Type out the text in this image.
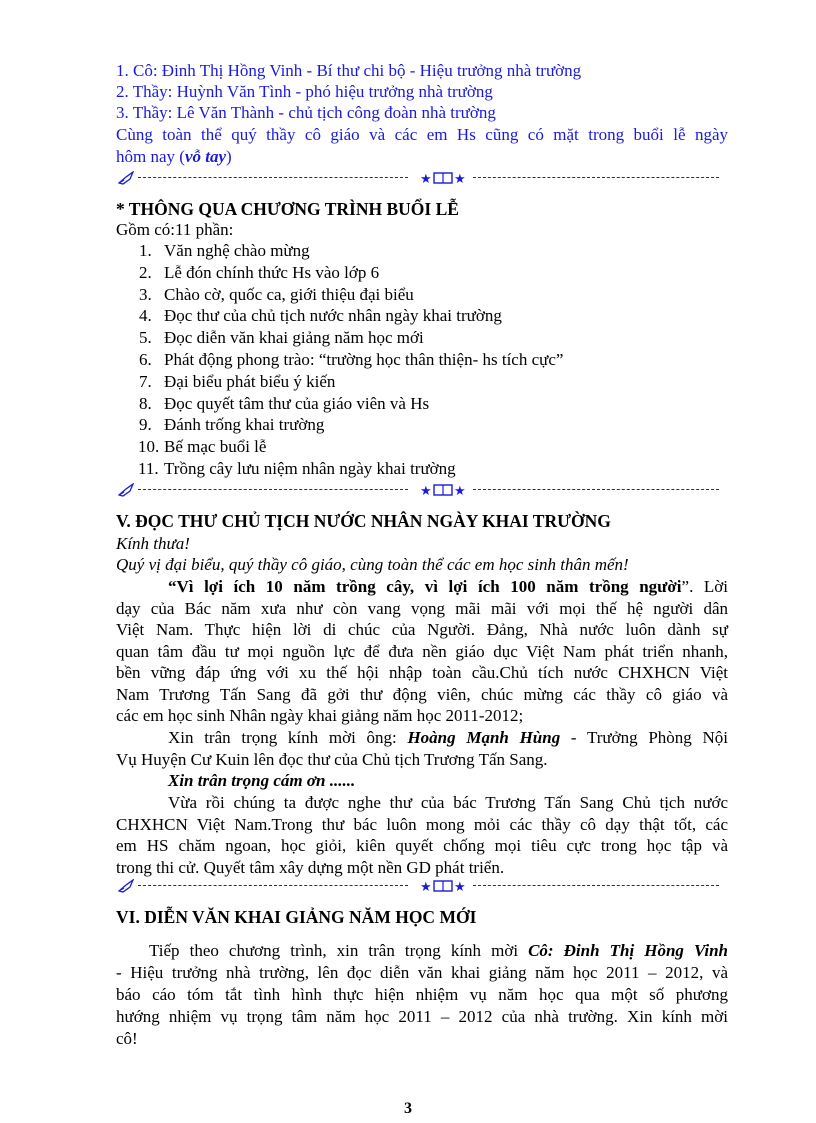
1. Cô: Đinh Thị Hồng Vinh - Bí thư chi bộ - Hiệu trưởng nhà trường
2. Thầy: Huỳnh Văn Tình - phó hiệu trưởng nhà trường
3. Thầy: Lê Văn Thành - chủ tịch công đoàn nhà trường
Cùng toàn thể quý thầy cô giáo và các em Hs cũng có mặt trong buổi lễ ngày
hôm nay (vỗ tay)
★ ★
* THÔNG QUA CHƯƠNG TRÌNH BUỔI LỄ
Gồm có:11 phần:
1. Văn nghệ chào mừng
2. Lễ đón chính thức Hs vào lớp 6
3. Chào cờ, quốc ca, giới thiệu đại biểu
4. Đọc thư của chủ tịch nước nhân ngày khai trường
5. Đọc diễn văn khai giảng năm học mới
6. Phát động phong trào: “trường học thân thiện- hs tích cực”
7. Đại biểu phát biểu ý kiến
8. Đọc quyết tâm thư của giáo viên và Hs
9. Đánh trống khai trường
10. Bế mạc buổi lễ
11. Trồng cây lưu niệm nhân ngày khai trường
★ ★
V. ĐỌC THƯ CHỦ TỊCH NƯỚC NHÂN NGÀY KHAI TRƯỜNG
Kính thưa!
Quý vị đại biểu, quý thầy cô giáo, cùng toàn thể các em học sinh thân mến!
“Vì lợi ích 10 năm trồng cây, vì lợi ích 100 năm trồng người”. Lời
dạy của Bác năm xưa như còn vang vọng mãi mãi với mọi thế hệ người dân
Việt Nam. Thực hiện lời di chúc của Người. Đảng, Nhà nước luôn dành sự
quan tâm đầu tư mọi nguồn lực để đưa nền giáo dục Việt Nam phát triển nhanh,
bền vững đáp ứng với xu thế hội nhập toàn cầu.Chủ tích nước CHXHCN Việt
Nam Trương Tấn Sang đã gởi thư động viên, chúc mừng các thầy cô giáo và
các em học sinh Nhân ngày khai giảng năm học 2011-2012;
Xin trân trọng kính mời ông: Hoàng Mạnh Hùng - Trưởng Phòng Nội
Vụ Huyện Cư Kuin lên đọc thư của Chủ tịch Trương Tấn Sang.
Xin trân trọng cám ơn ......
Vừa rồi chúng ta được nghe thư của bác Trương Tấn Sang Chủ tịch nước
CHXHCN Việt Nam.Trong thư bác luôn mong mỏi các thầy cô dạy thật tốt, các
em HS chăm ngoan, học giỏi, kiên quyết chống mọi tiêu cực trong học tập và
trong thi cử. Quyết tâm xây dựng một nền GD phát triển.
★ ★
VI. DIỄN VĂN KHAI GIẢNG NĂM HỌC MỚI
Tiếp theo chương trình, xin trân trọng kính mời Cô: Đinh Thị Hồng Vinh
- Hiệu trưởng nhà trường, lên đọc diễn văn khai giảng năm học 2011 – 2012, và
báo cáo tóm tắt tình hình thực hiện nhiệm vụ năm học qua một số phương
hướng nhiệm vụ trọng tâm năm học 2011 – 2012 của nhà trường. Xin kính mời
cô!
3
